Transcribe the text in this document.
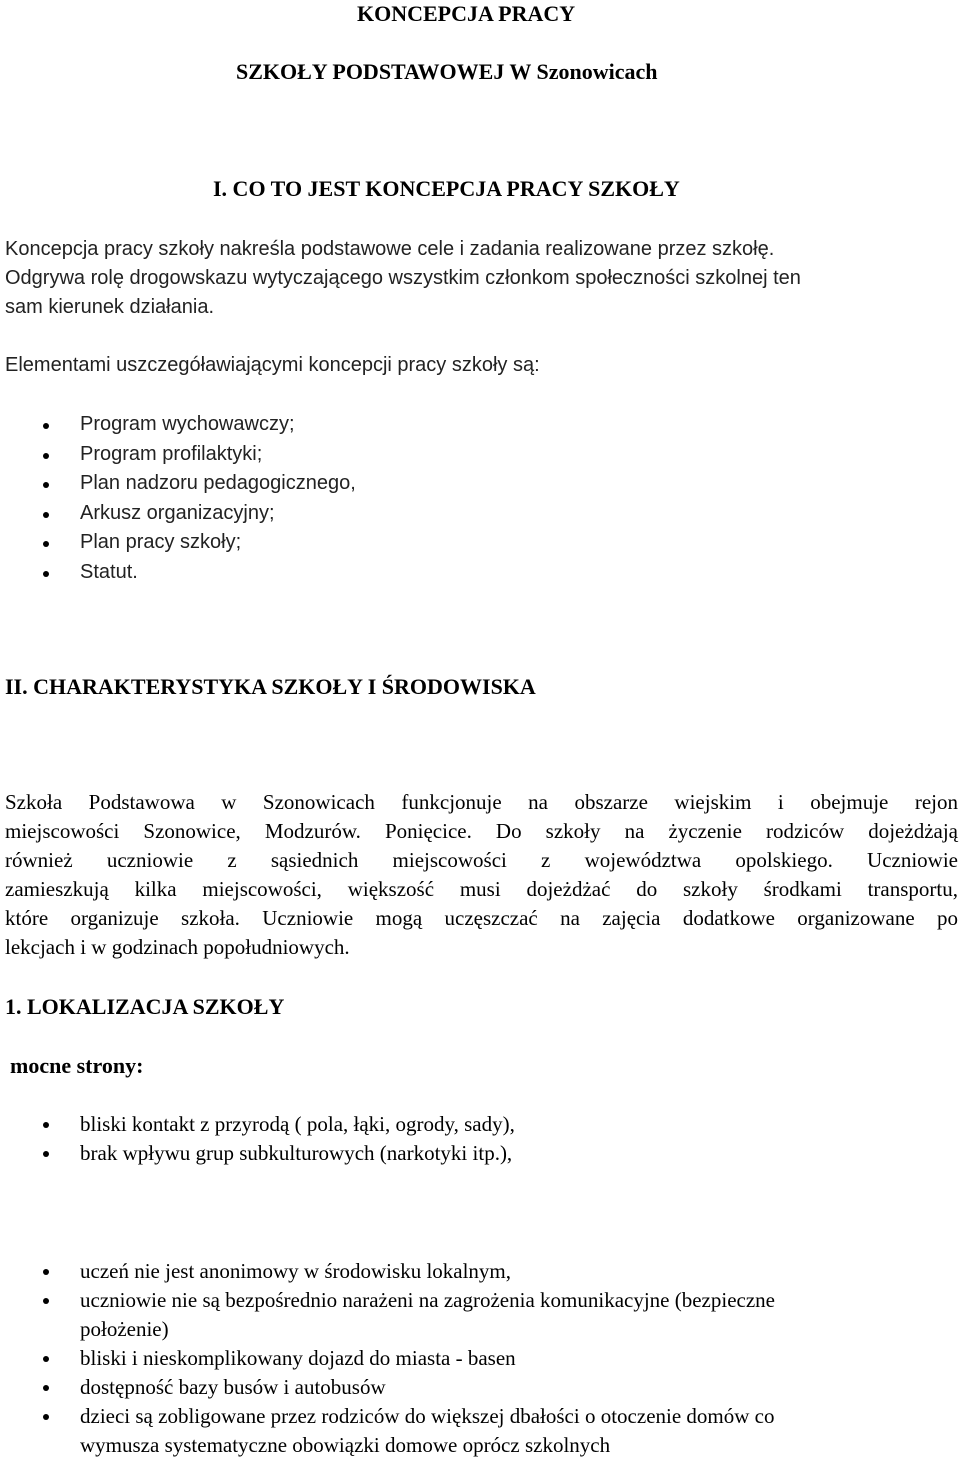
KONCEPCJA PRACY
SZKOŁY PODSTAWOWEJ W Szonowicach
I. CO TO JEST KONCEPCJA PRACY SZKOŁY
Koncepcja pracy szkoły nakreśla podstawowe cele i zadania realizowane przez szkołę.
Odgrywa rolę drogowskazu wytyczającego wszystkim członkom społeczności szkolnej ten
sam kierunek działania.
Elementami uszczegóławiającymi koncepcji pracy szkoły są:
Program wychowawczy;
Program profilaktyki;
Plan nadzoru pedagogicznego,
Arkusz organizacyjny;
Plan pracy szkoły;
Statut.
II. CHARAKTERYSTYKA SZKOŁY I ŚRODOWISKA
Szkoła Podstawowa w Szonowicach funkcjonuje na obszarze wiejskim i obejmuje rejon
miejscowości Szonowice, Modzurów. Ponięcice. Do szkoły na życzenie rodziców dojeżdżają
również uczniowie z sąsiednich miejscowości z województwa opolskiego. Uczniowie
zamieszkują kilka miejscowości, większość musi dojeżdżać do szkoły środkami transportu,
które organizuje szkoła. Uczniowie mogą uczęszczać na zajęcia dodatkowe organizowane po
lekcjach i w godzinach popołudniowych.
1. LOKALIZACJA SZKOŁY
mocne strony:
bliski kontakt z przyrodą ( pola, łąki, ogrody, sady),
brak wpływu grup subkulturowych (narkotyki itp.),
uczeń nie jest anonimowy w środowisku lokalnym,
uczniowie nie są bezpośrednio narażeni na zagrożenia komunikacyjne (bezpieczne
położenie)
bliski i nieskomplikowany dojazd do miasta - basen
dostępność bazy busów i autobusów
dzieci są zobligowane przez rodziców do większej dbałości o otoczenie domów co
wymusza systematyczne obowiązki domowe oprócz szkolnych
